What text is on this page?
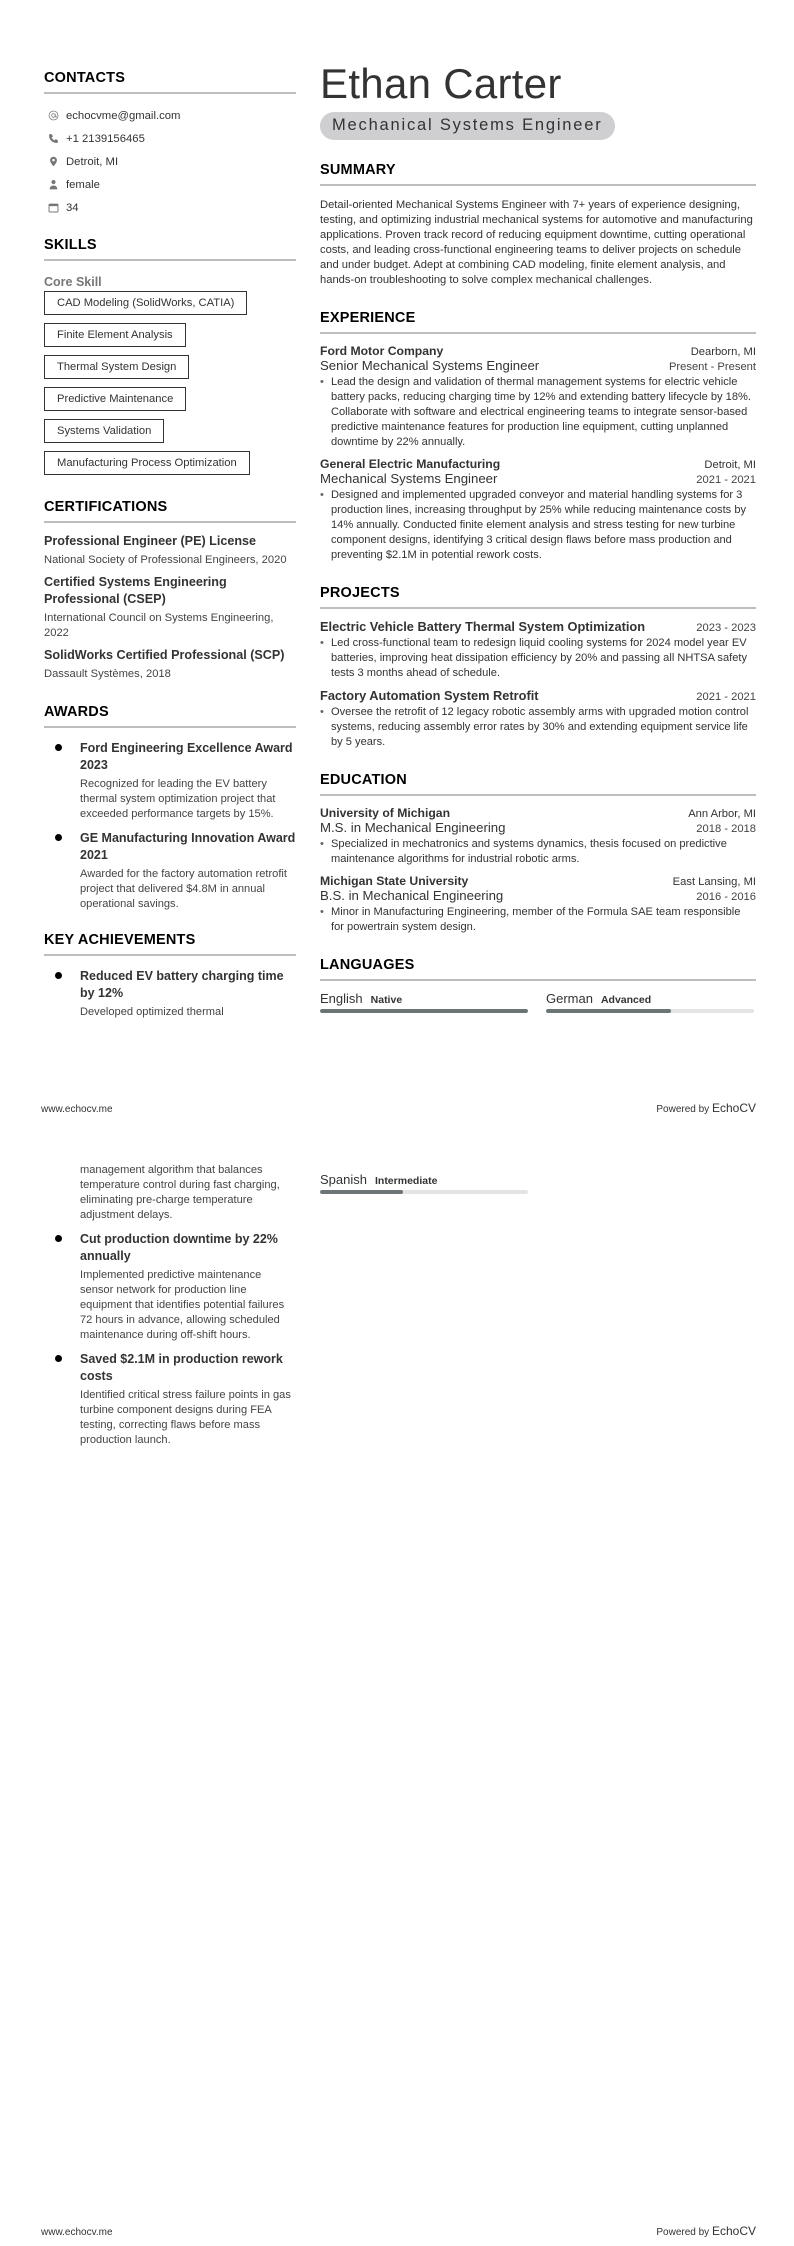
CONTACTS
echocvme@gmail.com
+1 2139156465
Detroit, MI
female
34
SKILLS
Core Skill
CAD Modeling (SolidWorks, CATIA)
Finite Element Analysis
Thermal System Design
Predictive Maintenance
Systems Validation
Manufacturing Process Optimization
CERTIFICATIONS
Professional Engineer (PE) License
National Society of Professional Engineers, 2020
Certified Systems Engineering Professional (CSEP)
International Council on Systems Engineering, 2022
SolidWorks Certified Professional (SCP)
Dassault Systèmes, 2018
AWARDS
Ford Engineering Excellence Award 2023
Recognized for leading the EV battery thermal system optimization project that exceeded performance targets by 15%.
GE Manufacturing Innovation Award 2021
Awarded for the factory automation retrofit project that delivered $4.8M in annual operational savings.
KEY ACHIEVEMENTS
Reduced EV battery charging time by 12%
Developed optimized thermal
Ethan Carter
Mechanical Systems Engineer
SUMMARY

Detail-oriented Mechanical Systems Engineer with 7+ years of experience designing, testing, and optimizing industrial mechanical systems for automotive and manufacturing applications. Proven track record of reducing equipment downtime, cutting operational costs, and leading cross-functional engineering teams to deliver projects on schedule and under budget. Adept at combining CAD modeling, finite element analysis, and hands-on troubleshooting to solve complex mechanical challenges.

EXPERIENCE
Ford Motor Company	Dearborn, MI
Senior Mechanical Systems Engineer	Present - Present
• Lead the design and validation of thermal management systems for electric vehicle battery packs, reducing charging time by 12% and extending battery lifecycle by 18%. Collaborate with software and electrical engineering teams to integrate sensor-based predictive maintenance features for production line equipment, cutting unplanned downtime by 22% annually.
General Electric Manufacturing	Detroit, MI
Mechanical Systems Engineer	2021 - 2021
• Designed and implemented upgraded conveyor and material handling systems for 3 production lines, increasing throughput by 25% while reducing maintenance costs by 14% annually. Conducted finite element analysis and stress testing for new turbine component designs, identifying 3 critical design flaws before mass production and preventing $2.1M in potential rework costs.
PROJECTS
Electric Vehicle Battery Thermal System Optimization	2023 - 2023
• Led cross-functional team to redesign liquid cooling systems for 2024 model year EV batteries, improving heat dissipation efficiency by 20% and passing all NHTSA safety tests 3 months ahead of schedule.
Factory Automation System Retrofit	2021 - 2021
• Oversee the retrofit of 12 legacy robotic assembly arms with upgraded motion control systems, reducing assembly error rates by 30% and extending equipment service life by 5 years.
EDUCATION
University of Michigan	Ann Arbor, MI
M.S. in Mechanical Engineering	2018 - 2018
• Specialized in mechatronics and systems dynamics, thesis focused on predictive maintenance algorithms for industrial robotic arms.
Michigan State University	East Lansing, MI
B.S. in Mechanical Engineering	2016 - 2016
• Minor in Manufacturing Engineering, member of the Formula SAE team responsible for powertrain system design.
LANGUAGES
English Native	German Advanced
www.echocv.me	Powered by EchoCV
management algorithm that balances temperature control during fast charging, eliminating pre-charge temperature adjustment delays.
Cut production downtime by 22% annually
Implemented predictive maintenance sensor network for production line equipment that identifies potential failures 72 hours in advance, allowing scheduled maintenance during off-shift hours.
Saved $2.1M in production rework costs
Identified critical stress failure points in gas turbine component designs during FEA testing, correcting flaws before mass production launch.
Spanish Intermediate
www.echocv.me	Powered by EchoCV
